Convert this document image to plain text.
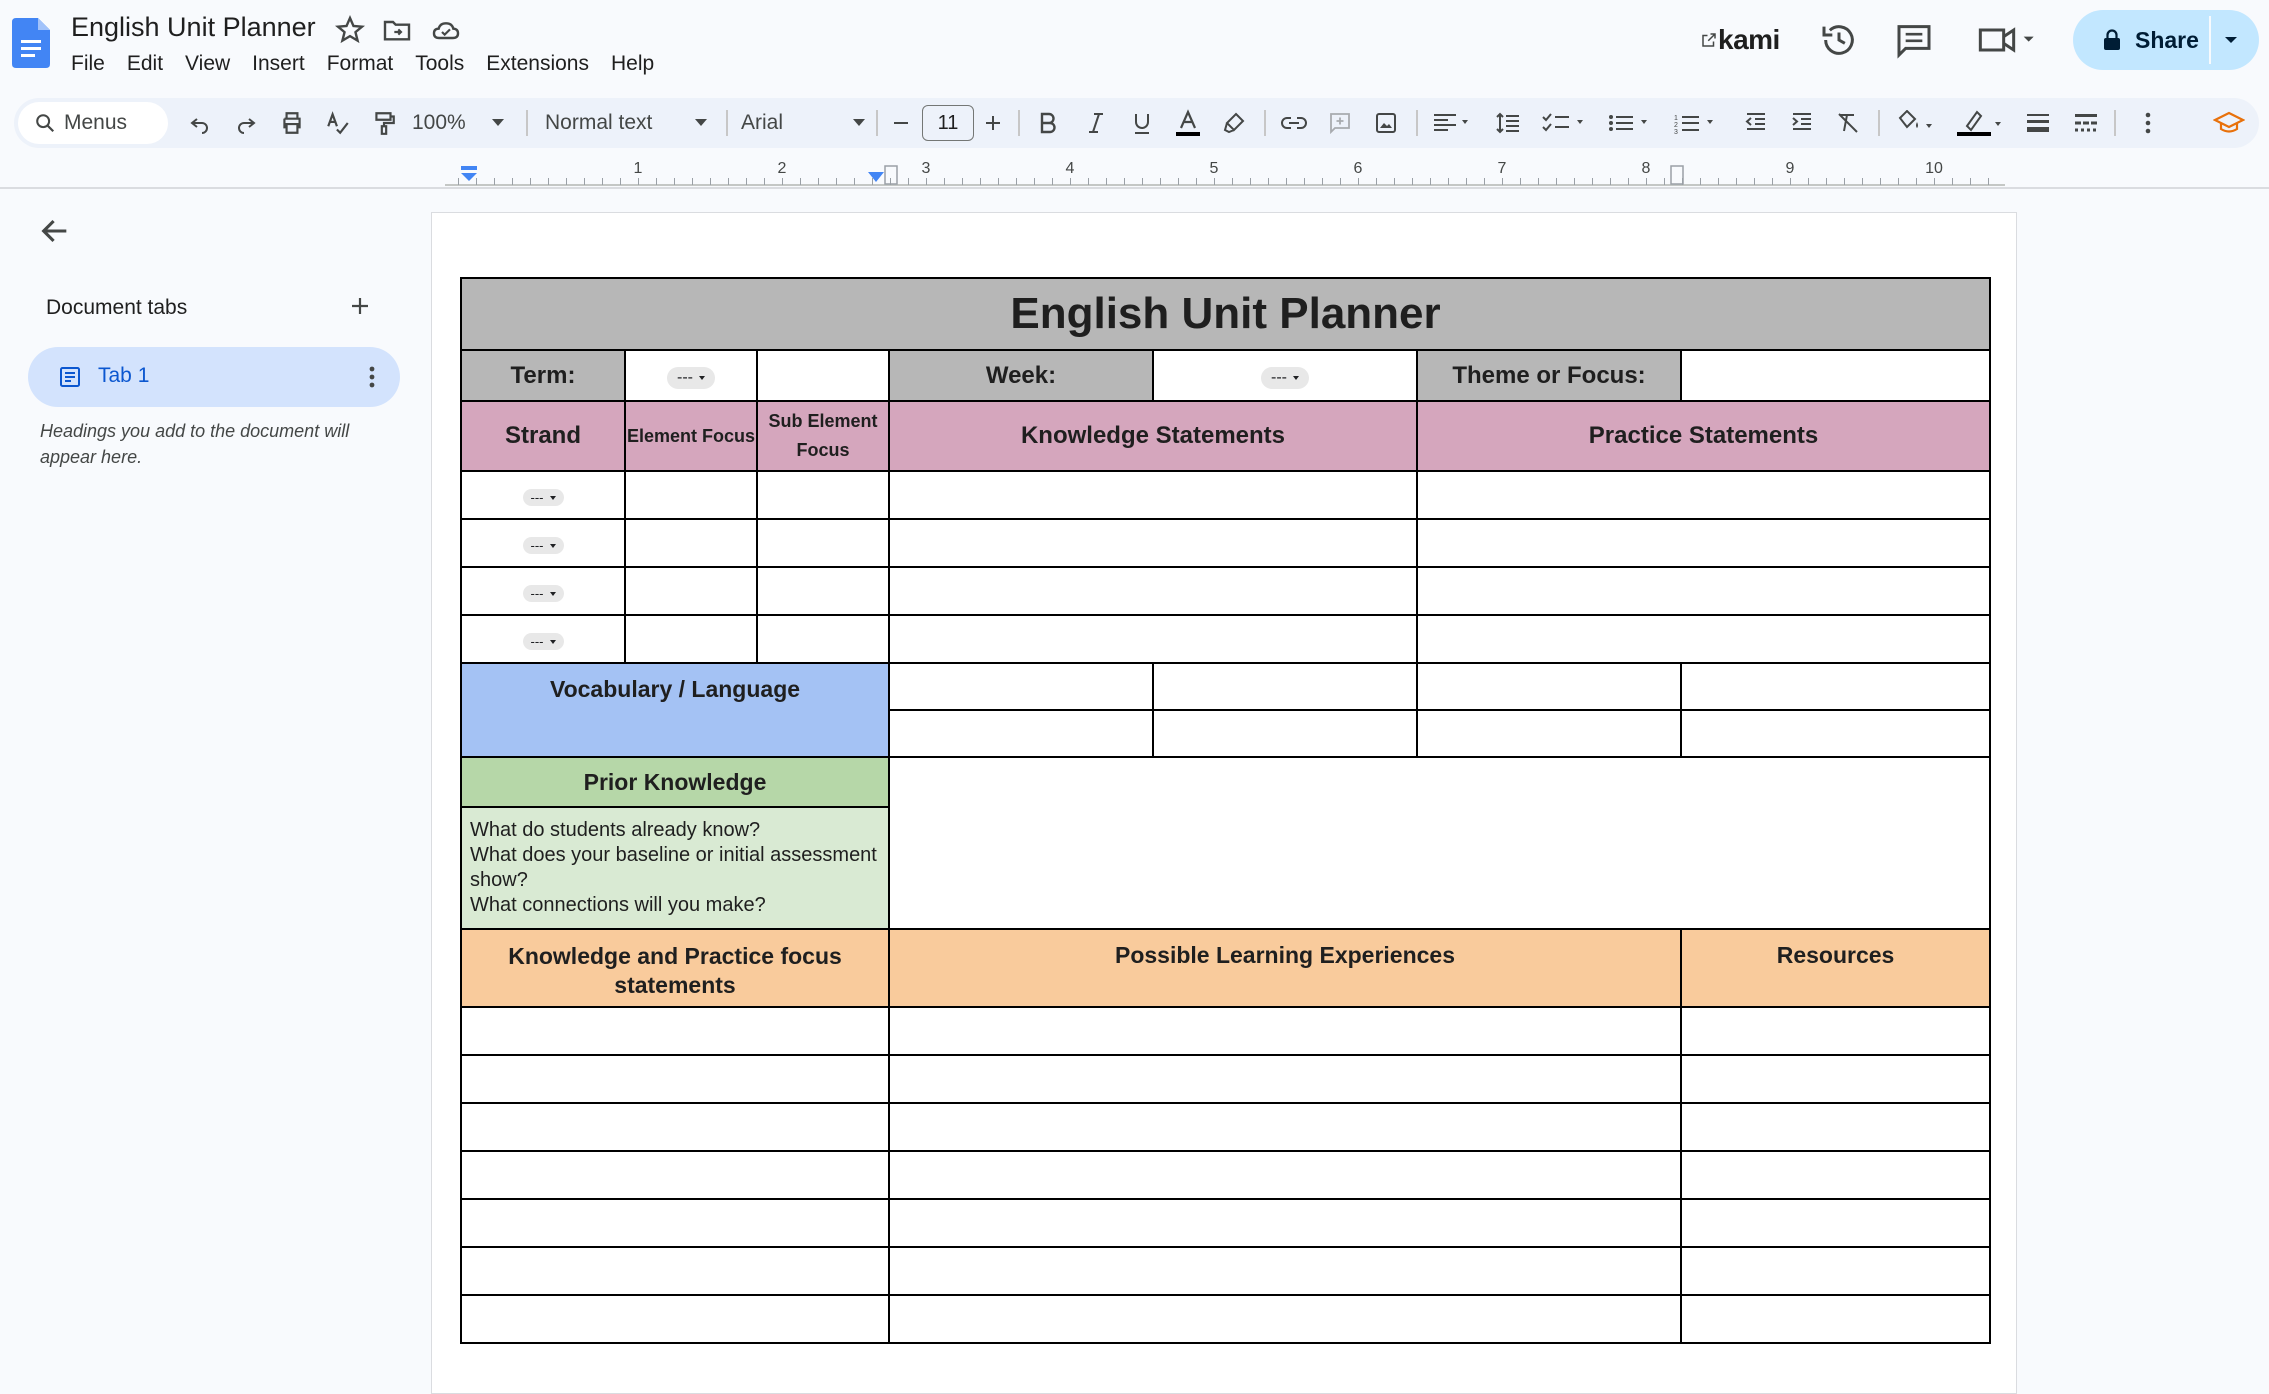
English Unit Planner
File	Edit	View	Insert	Format	Tools	Extensions	Help
kami	Share
Menus	100%	Normal text	Arial	11	1
2
3
1	2	3	4	5	6	7	8	9	10
Document tabs
Tab 1
Headings you add to the document will appear here.
English Unit Planner						
Term:	---		Week:	---	Theme or Focus:	
Strand	Element Focus	Sub Element Focus	Knowledge Statements		Practice Statements	

---						

---						

---						

---						

Vocabulary / Language						

Prior Knowledge						

What do students already know?
What does your baseline or initial assessment show?
What connections will you make?						

Knowledge and Practice focus statements			Possible Learning Experiences			Resources
